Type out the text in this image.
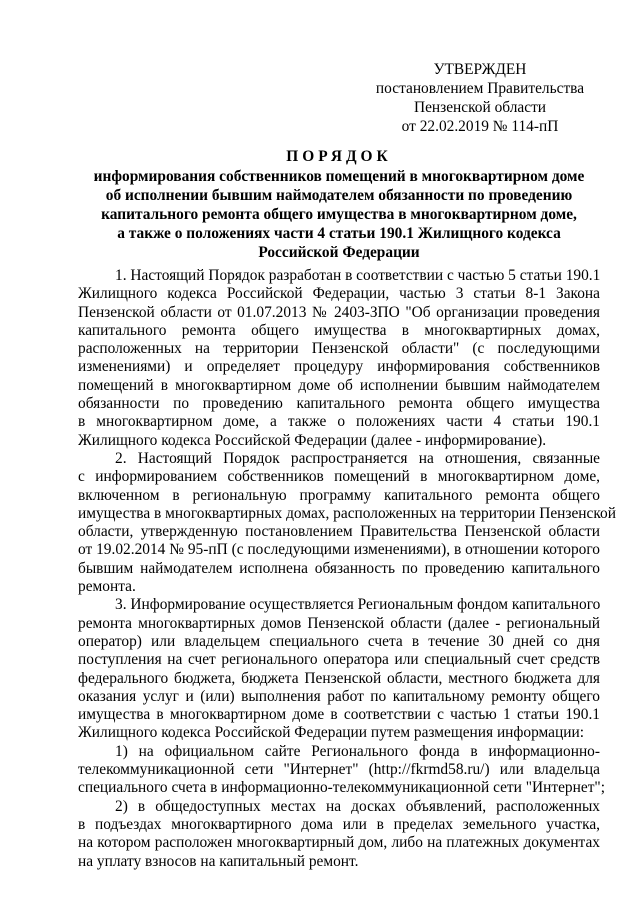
УТВЕРЖДЕН
постановлением Правительства
Пензенской области
от 22.02.2019 № 114-пП
ПОРЯДОК
информирования собственников помещений в многоквартирном доме
об исполнении бывшим наймодателем обязанности по проведению
капитального ремонта общего имущества в многоквартирном доме,
а также о положениях части 4 статьи 190.1 Жилищного кодекса
Российской Федерации
1. Настоящий Порядок разработан в соответствии с частью 5 статьи 190.1
Жилищного кодекса Российской Федерации, частью 3 статьи 8-1 Закона
Пензенской области от 01.07.2013 № 2403-ЗПО "Об организации проведения
капитального ремонта общего имущества в многоквартирных домах,
расположенных на территории Пензенской области" (с последующими
изменениями) и определяет процедуру информирования собственников
помещений в многоквартирном доме об исполнении бывшим наймодателем
обязанности по проведению капитального ремонта общего имущества
в многоквартирном доме, а также о положениях части 4 статьи 190.1
Жилищного кодекса Российской Федерации (далее - информирование).
2. Настоящий Порядок распространяется на отношения, связанные
с информированием собственников помещений в многоквартирном доме,
включенном в региональную программу капитального ремонта общего
имущества в многоквартирных домах, расположенных на территории Пензенской
области, утвержденную постановлением Правительства Пензенской области
от 19.02.2014 № 95-пП (с последующими изменениями), в отношении которого
бывшим наймодателем исполнена обязанность по проведению капитального
ремонта.
3. Информирование осуществляется Региональным фондом капитального
ремонта многоквартирных домов Пензенской области (далее - региональный
оператор) или владельцем специального счета в течение 30 дней со дня
поступления на счет регионального оператора или специальный счет средств
федерального бюджета, бюджета Пензенской области, местного бюджета для
оказания услуг и (или) выполнения работ по капитальному ремонту общего
имущества в многоквартирном доме в соответствии с частью 1 статьи 190.1
Жилищного кодекса Российской Федерации путем размещения информации:
1) на официальном сайте Регионального фонда в информационно-
телекоммуникационной сети "Интернет" (http://fkrmd58.ru/) или владельца
специального счета в информационно-телекоммуникационной сети "Интернет";
2) в общедоступных местах на досках объявлений, расположенных
в подъездах многоквартирного дома или в пределах земельного участка,
на котором расположен многоквартирный дом, либо на платежных документах
на уплату взносов на капитальный ремонт.
